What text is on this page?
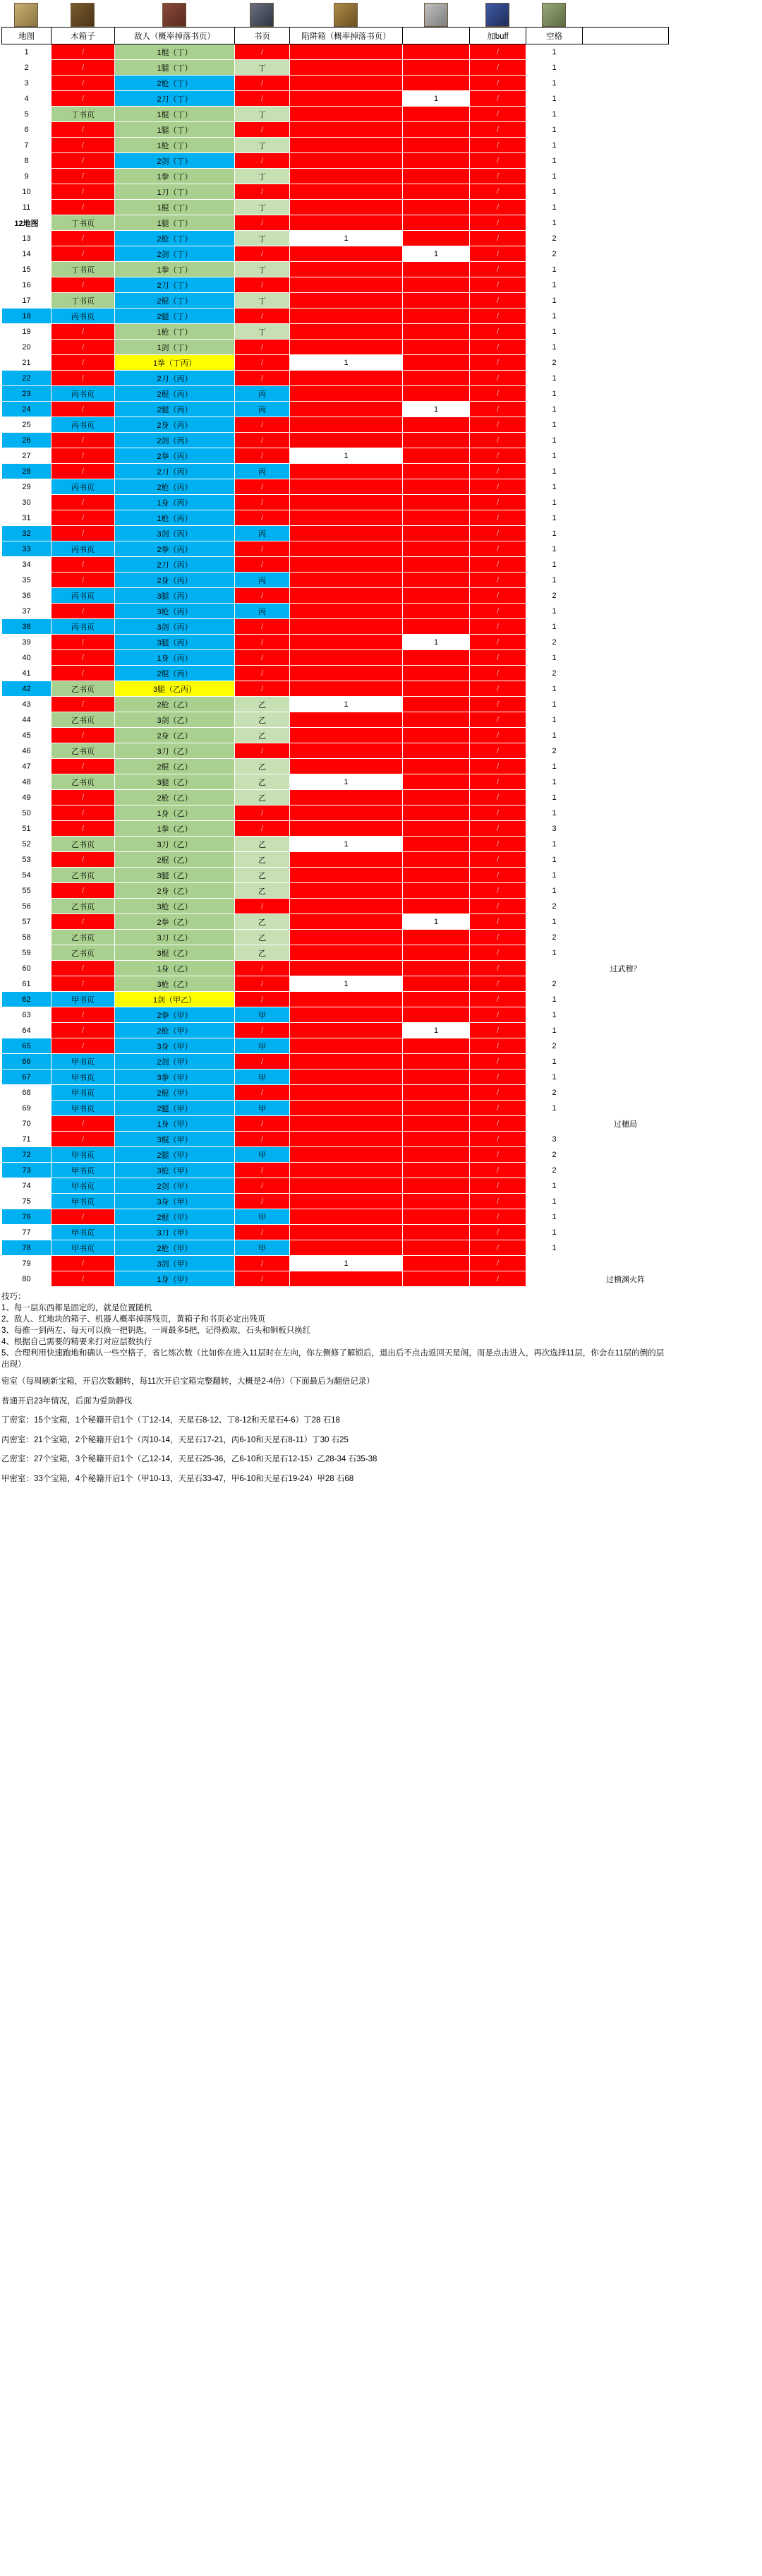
地图	木箱子	敌人（概率掉落书页）	书页	陷阱箱（概率掉落书页）		加buff	空格	
1	/	1棍（丁）	/			/	1	
2	/	1腿（丁）	丁			/	1	
3	/	2枪（丁）	/			/	1	
4	/	2刀（丁）	/		1	/	1	
5	丁书页	1棍（丁）	丁			/	1	
6	/	1腿（丁）	/			/	1	
7	/	1枪（丁）	丁			/	1	
8	/	2剑（丁）	/			/	1	
9	/	1拳（丁）	丁			/	1	
10	/	1刀（丁）	/			/	1	
11	/	1棍（丁）	丁			/	1	
12地图	丁书页	1腿（丁）	/			/	1	
13	/	2枪（丁）	丁	1		/	2	
14	/	2剑（丁）	/		1	/	2	
15	丁书页	1拳（丁）	丁			/	1	
16	/	2刀（丁）	/			/	1	
17	丁书页	2棍（丁）	丁			/	1	
18	丙书页	2腿（丁）	/			/	1	
19	/	1枪（丁）	丁			/	1	
20	/	1剑（丁）	/			/	1	
21	/	1拳（丁丙）	/	1		/	2	
22	/	2刀（丙）	/			/	1	
23	丙书页	2棍（丙）	丙			/	1	
24	/	2腿（丙）	丙		1	/	1	
25	丙书页	2身（丙）	/			/	1	
26	/	2剑（丙）	/			/	1	
27	/	2拳（丙）	/	1		/	1	
28	/	2刀（丙）	丙			/	1	
29	丙书页	2枪（丙）	/			/	1	
30	/	1身（丙）	/			/	1	
31	/	1枪（丙）	/			/	1	
32	/	3剑（丙）	丙			/	1	
33	丙书页	2拳（丙）	/			/	1	
34	/	2刀（丙）	/			/	1	
35	/	2身（丙）	丙			/	1	
36	丙书页	3腿（丙）	/			/	2	
37	/	3枪（丙）	丙			/	1	
38	丙书页	3剑（丙）	/			/	1	
39	/	3腿（丙）	/		1	/	2	
40	/	1身（丙）	/			/	1	
41	/	2棍（丙）	/			/	2	
42	乙书页	3腿（乙丙）	/			/	1	
43	/	2枪（乙）	乙	1		/	1	
44	乙书页	3剑（乙）	乙			/	1	
45	/	2身（乙）	乙			/	1	
46	乙书页	3刀（乙）	/			/	2	
47	/	2棍（乙）	乙			/	1	
48	乙书页	3腿（乙）	乙	1		/	1	
49	/	2枪（乙）	乙			/	1	
50	/	1身（乙）	/			/	1	
51	/	1拳（乙）	/			/	3	
52	乙书页	3刀（乙）	乙	1		/	1	
53	/	2棍（乙）	乙			/	1	
54	乙书页	3腿（乙）	乙			/	1	
55	/	2身（乙）	乙			/	1	
56	乙书页	3枪（乙）	/			/	2	
57	/	2拳（乙）	乙		1	/	1	
58	乙书页	3刀（乙）	乙			/	2	
59	乙书页	3棍（乙）	乙			/	1	
60	/	1身（乙）	/			/		过武穆？
61	/	3枪（乙）	/	1		/	2	
62	甲书页	1剑（甲乙）	/			/	1	
63	/	2拳（甲）	甲			/	1	
64	/	2枪（甲）	/		1	/	1	
65	/	3身（甲）	甲			/	2	
66	甲书页	2剑（甲）	/			/	1	
67	甲书页	3拳（甲）	甲			/	1	
68	甲书页	2棍（甲）	/			/	2	
69	甲书页	2腿（甲）	甲			/	1	
70	/	1身（甲）	/			/		过穗局
71	/	3棍（甲）	/			/	3	
72	甲书页	2腿（甲）	甲			/	2	
73	甲书页	3枪（甲）	/			/	2	
74	甲书页	2剑（甲）	/			/	1	
75	甲书页	3身（甲）	/			/	1	
76	/	2棍（甲）	甲			/	1	
77	甲书页	3刀（甲）	/			/	1	
78	甲书页	2枪（甲）	甲			/	1	
79	/	3剑（甲）	/	1		/		
80	/	1身（甲）	/			/		过横渊火阵

技巧：

1、每一层东西都是固定的，就是位置随机

2、敌人、红地块的箱子、机器人概率掉落残页，黄箱子和书页必定出残页

3、每推一到两左、每天可以换一把钥匙，一周最多5把，记得换取，石头和铜板只换红

4、根据自己需要的精要来打对应层数执行

5、合理利用快速跑地和确认一些空格子，省匕练次数（比如你在进入11层时在左向，你左侧修了解锁后，退出后不点击返回天星阁，而是点击进入，再次选择11层，你会在11层的倒的层出现）

密室（每周刷新宝箱，开启次数翻转，每11次开启宝箱完整翻转，大概是2-4倍）（下面最后为翻倍记录）

普通开启23年情况，后面为爱助静伐

丁密室：15个宝箱，1个秘籍开启1个（丁12-14，天星石8-12、丁8-12和天星石4-6）丁28 石18

丙密室：21个宝箱，2个秘籍开启1个（丙10-14，天星石17-21，丙6-10和天星石8-11）丁30 石25

乙密室：27个宝箱，3个秘籍开启1个（乙12-14，天星石25-36，乙6-10和天星石12-15）乙28-34 石35-38

甲密室：33个宝箱，4个秘籍开启1个（甲10-13，天星石33-47，甲6-10和天星石19-24）甲28 石68
